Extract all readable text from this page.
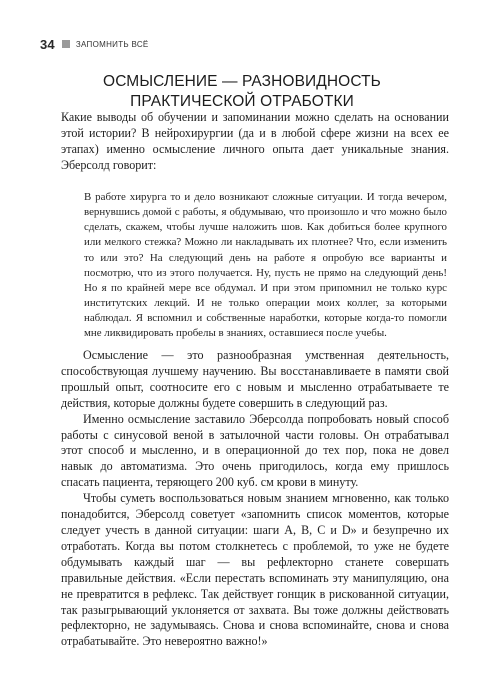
34	ЗАПОМНИТЬ ВСЁ
ОСМЫСЛЕНИЕ — РАЗНОВИДНОСТЬ
ПРАКТИЧЕСКОЙ ОТРАБОТКИ

Какие выводы об обучении и запоминании можно сделать на основании этой истории? В нейрохирургии (да и в любой сфере жизни на всех ее этапах) именно осмысление личного опыта дает уникальные знания. Эберсолд говорит:

В работе хирурга то и дело возникают сложные ситуации. И тогда вечером, вернувшись домой с работы, я обдумываю, что произошло и что можно было сделать, скажем, чтобы лучше наложить шов. Как добиться более крупного или мелкого стежка? Можно ли накладывать их плотнее? Что, если изменить то или это? На следующий день на работе я опробую все варианты и посмотрю, что из этого получается. Ну, пусть не прямо на следующий день! Но я по крайней мере все обдумал. И при этом припомнил не только курс институтских лекций. И не только операции моих коллег, за которыми наблюдал. Я вспомнил и собственные наработки, которые когда-то помогли мне ликвидировать пробелы в знаниях, оставшиеся после учебы.

Осмысление — это разнообразная умственная деятельность, способствующая лучшему научению. Вы восстанавливаете в памяти свой прошлый опыт, соотносите его с новым и мысленно отрабатываете те действия, которые должны будете совершить в следующий раз.

Именно осмысление заставило Эберсолда попробовать новый способ работы с синусовой веной в затылочной части головы. Он отрабатывал этот способ и мысленно, и в операционной до тех пор, пока не довел навык до автоматизма. Это очень пригодилось, когда ему пришлось спасать пациента, теряющего 200 куб. см крови в минуту.

Чтобы суметь воспользоваться новым знанием мгновенно, как только понадобится, Эберсолд советует «запомнить список моментов, которые следует учесть в данной ситуации: шаги А, В, С и D» и безупречно их отработать. Когда вы потом столкнетесь с проблемой, то уже не будете обдумывать каждый шаг — вы рефлекторно станете совершать правильные действия. «Если перестать вспоминать эту манипуляцию, она не превратится в рефлекс. Так действует гонщик в рискованной ситуации, так разыгрывающий уклоняется от захвата. Вы тоже должны действовать рефлекторно, не задумываясь. Снова и снова вспоминайте, снова и снова отрабатывайте. Это невероятно важно!»
